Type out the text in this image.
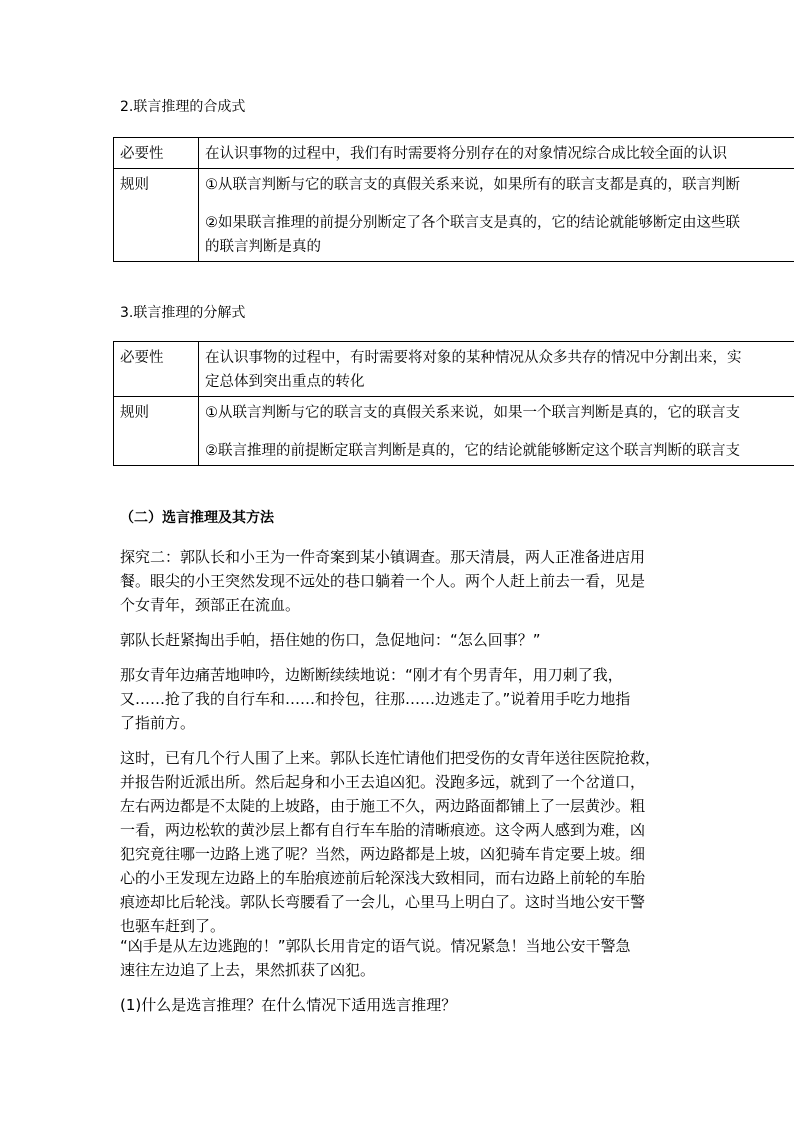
2.联言推理的合成式
必要性	在认识事物的过程中，我们有时需要将分别存在的对象情况综合成比较全面的认识
规则	①从联言判断与它的联言支的真假关系来说，如果所有的联言支都是真的，联言判断
②如果联言推理的前提分别断定了各个联言支是真的，它的结论就能够断定由这些联
的联言判断是真的
3.联言推理的分解式
必要性	在认识事物的过程中，有时需要将对象的某种情况从众多共存的情况中分割出来，实
定总体到突出重点的转化

规则	①从联言判断与它的联言支的真假关系来说，如果一个联言判断是真的，它的联言支
②联言推理的前提断定联言判断是真的，它的结论就能够断定这个联言判断的联言支
（二）选言推理及其方法
探究二：郭队长和小王为一件奇案到某小镇调查。那天清晨，两人正准备进店用
餐。眼尖的小王突然发现不远处的巷口躺着一个人。两个人赶上前去一看，见是
个女青年，颈部正在流血。
郭队长赶紧掏出手帕，捂住她的伤口，急促地问：“怎么回事？”
那女青年边痛苦地呻吟，边断断续续地说：“刚才有个男青年，用刀刺了我，
又……抢了我的自行车和……和拎包，往那……边逃走了。”说着用手吃力地指
了指前方。
这时，已有几个行人围了上来。郭队长连忙请他们把受伤的女青年送往医院抢救，
并报告附近派出所。然后起身和小王去追凶犯。没跑多远，就到了一个岔道口，
左右两边都是不太陡的上坡路，由于施工不久，两边路面都铺上了一层黄沙。粗
一看，两边松软的黄沙层上都有自行车车胎的清晰痕迹。这令两人感到为难，凶
犯究竟往哪一边路上逃了呢？当然，两边路都是上坡，凶犯骑车肯定要上坡。细
心的小王发现左边路上的车胎痕迹前后轮深浅大致相同，而右边路上前轮的车胎
痕迹却比后轮浅。郭队长弯腰看了一会儿，心里马上明白了。这时当地公安干警
也驱车赶到了。
“凶手是从左边逃跑的！”郭队长用肯定的语气说。情况紧急！当地公安干警急
速往左边追了上去，果然抓获了凶犯。
(1)什么是选言推理？在什么情况下适用选言推理？
